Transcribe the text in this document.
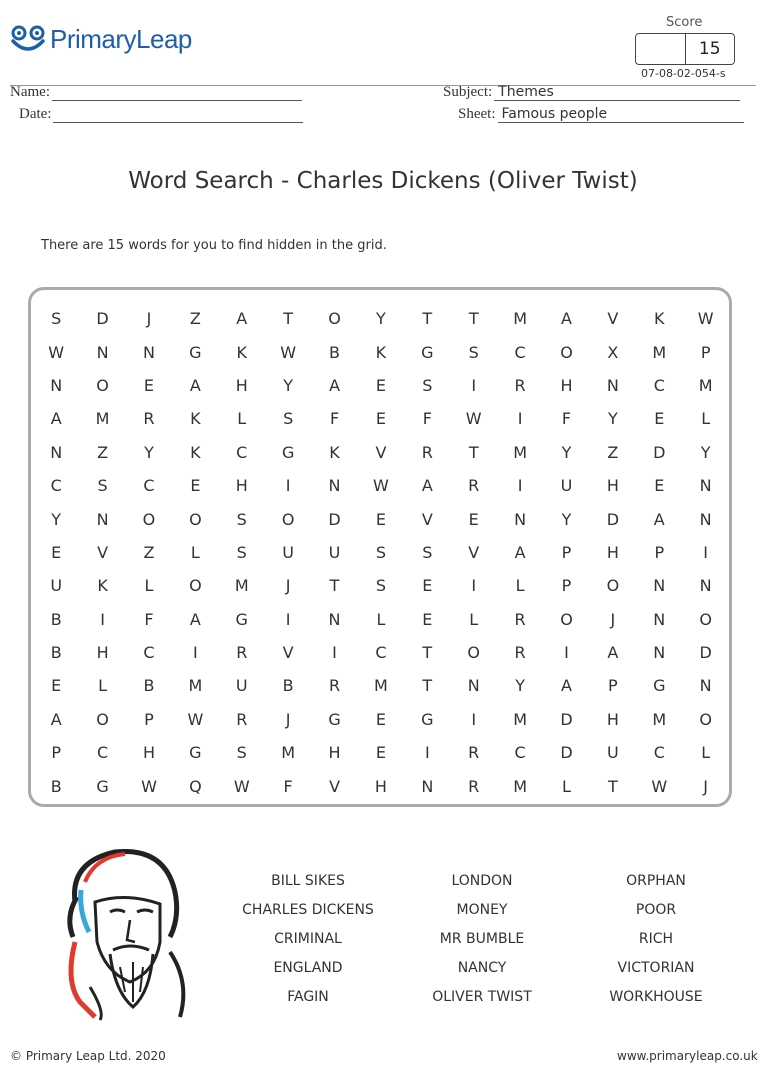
PrimaryLeap
Score
15
07-08-02-054-s
Name:
Date:
Subject: Themes
Sheet: Famous people
Word Search - Charles Dickens (Oliver Twist)
There are 15 words for you to find hidden in the grid.
S	D	J	Z	A	T	O	Y	T	T	M	A	V	K	W
W	N	N	G	K	W	B	K	G	S	C	O	X	M	P
N	O	E	A	H	Y	A	E	S	I	R	H	N	C	M
A	M	R	K	L	S	F	E	F	W	I	F	Y	E	L
N	Z	Y	K	C	G	K	V	R	T	M	Y	Z	D	Y
C	S	C	E	H	I	N	W	A	R	I	U	H	E	N
Y	N	O	O	S	O	D	E	V	E	N	Y	D	A	N
E	V	Z	L	S	U	U	S	S	V	A	P	H	P	I
U	K	L	O	M	J	T	S	E	I	L	P	O	N	N
B	I	F	A	G	I	N	L	E	L	R	O	J	N	O
B	H	C	I	R	V	I	C	T	O	R	I	A	N	D
E	L	B	M	U	B	R	M	T	N	Y	A	P	G	N
A	O	P	W	R	J	G	E	G	I	M	D	H	M	O
P	C	H	G	S	M	H	E	I	R	C	D	U	C	L
B	G	W	Q	W	F	V	H	N	R	M	L	T	W	J
BILL SIKES
CHARLES DICKENS
CRIMINAL
ENGLAND
FAGIN
LONDON
MONEY
MR BUMBLE
NANCY
OLIVER TWIST
ORPHAN
POOR
RICH
VICTORIAN
WORKHOUSE
© Primary Leap Ltd. 2020	www.primaryleap.co.uk
